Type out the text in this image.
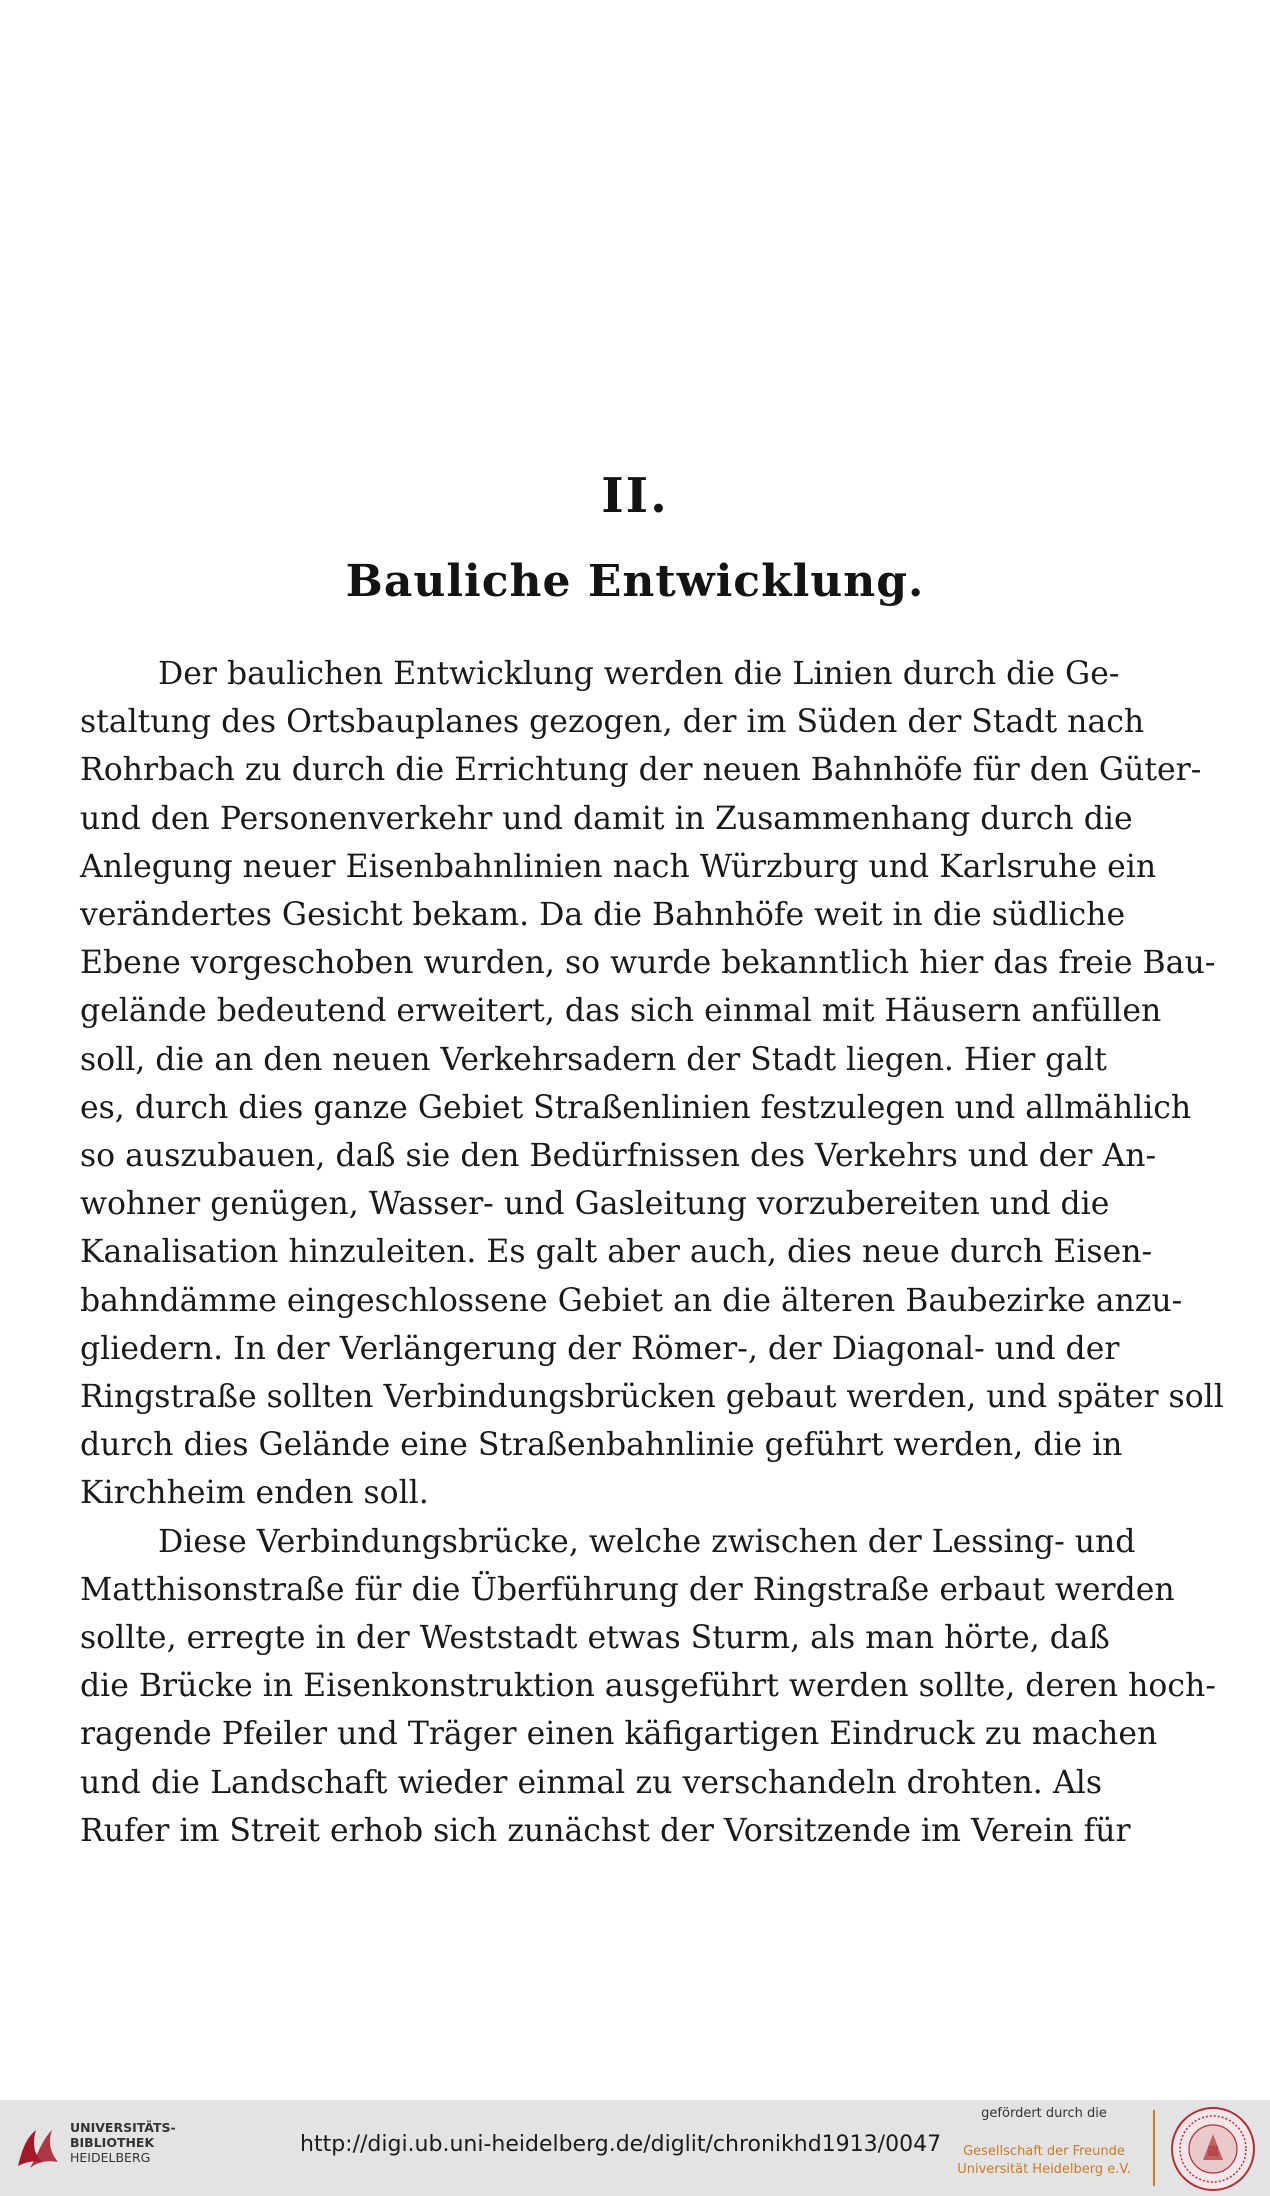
II.
Bauliche Entwicklung.
Der baulichen Entwicklung werden die Linien durch die Ge-
staltung des Ortsbauplanes gezogen, der im Süden der Stadt nach
Rohrbach zu durch die Errichtung der neuen Bahnhöfe für den Güter-
und den Personenverkehr und damit in Zusammenhang durch die
Anlegung neuer Eisenbahnlinien nach Würzburg und Karlsruhe ein
verändertes Gesicht bekam. Da die Bahnhöfe weit in die südliche
Ebene vorgeschoben wurden, so wurde bekanntlich hier das freie Bau-
gelände bedeutend erweitert, das sich einmal mit Häusern anfüllen
soll, die an den neuen Verkehrsadern der Stadt liegen. Hier galt
es, durch dies ganze Gebiet Straßenlinien festzulegen und allmählich
so auszubauen, daß sie den Bedürfnissen des Verkehrs und der An-
wohner genügen, Wasser- und Gasleitung vorzubereiten und die
Kanalisation hinzuleiten. Es galt aber auch, dies neue durch Eisen-
bahndämme eingeschlossene Gebiet an die älteren Baubezirke anzu-
gliedern. In der Verlängerung der Römer-, der Diagonal- und der
Ringstraße sollten Verbindungsbrücken gebaut werden, und später soll
durch dies Gelände eine Straßenbahnlinie geführt werden, die in
Kirchheim enden soll.
Diese Verbindungsbrücke, welche zwischen der Lessing- und
Matthisonstraße für die Überführung der Ringstraße erbaut werden
sollte, erregte in der Weststadt etwas Sturm, als man hörte, daß
die Brücke in Eisenkonstruktion ausgeführt werden sollte, deren hoch-
ragende Pfeiler und Träger einen käfigartigen Eindruck zu machen
und die Landschaft wieder einmal zu verschandeln drohten. Als
Rufer im Streit erhob sich zunächst der Vorsitzende im Verein für
UNIVERSITÄTS-
BIBLIOTHEK
HEIDELBERG
http://digi.ub.uni-heidelberg.de/diglit/chronikhd1913/0047
gefördert durch die
Gesellschaft der Freunde
Universität Heidelberg e.V.
